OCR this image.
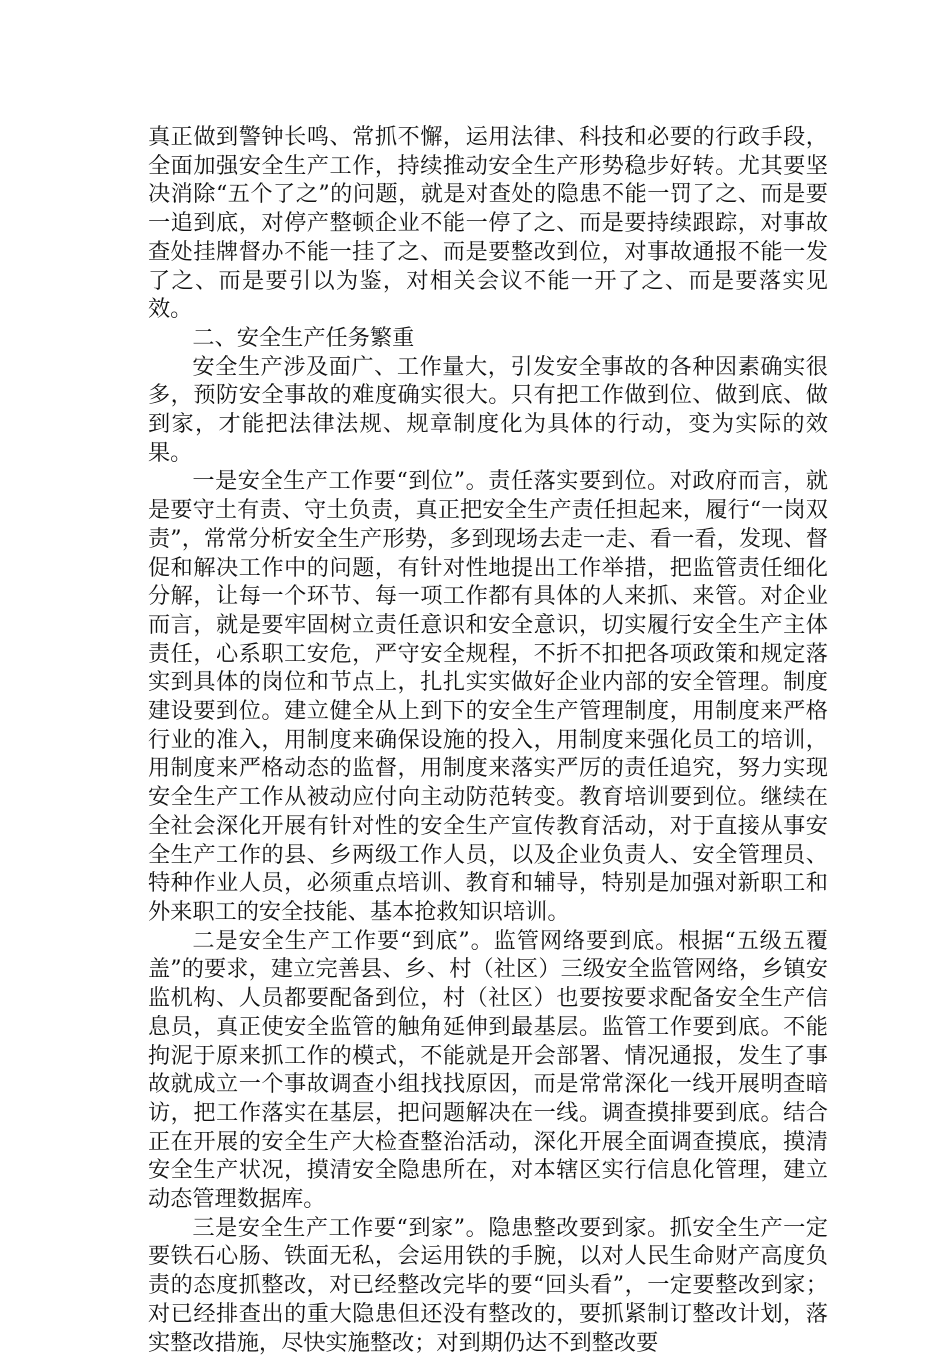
真正做到警钟长鸣、常抓不懈，运用法律、科技和必要的行政手段，全面加强安全生产工作，持续推动安全生产形势稳步好转。尤其要坚决消除“五个了之”的问题，就是对查处的隐患不能一罚了之、而是要一追到底，对停产整顿企业不能一停了之、而是要持续跟踪，对事故查处挂牌督办不能一挂了之、而是要整改到位，对事故通报不能一发了之、而是要引以为鉴，对相关会议不能一开了之、而是要落实见效。

二、安全生产任务繁重

安全生产涉及面广、工作量大，引发安全事故的各种因素确实很多，预防安全事故的难度确实很大。只有把工作做到位、做到底、做到家，才能把法律法规、规章制度化为具体的行动，变为实际的效果。

一是安全生产工作要“到位”。责任落实要到位。对政府而言，就是要守土有责、守土负责，真正把安全生产责任担起来，履行“一岗双责”，常常分析安全生产形势，多到现场去走一走、看一看，发现、督促和解决工作中的问题，有针对性地提出工作举措，把监管责任细化分解，让每一个环节、每一项工作都有具体的人来抓、来管。对企业而言，就是要牢固树立责任意识和安全意识，切实履行安全生产主体责任，心系职工安危，严守安全规程，不折不扣把各项政策和规定落实到具体的岗位和节点上，扎扎实实做好企业内部的安全管理。制度建设要到位。建立健全从上到下的安全生产管理制度，用制度来严格行业的准入，用制度来确保设施的投入，用制度来强化员工的培训，用制度来严格动态的监督，用制度来落实严厉的责任追究，努力实现安全生产工作从被动应付向主动防范转变。教育培训要到位。继续在全社会深化开展有针对性的安全生产宣传教育活动，对于直接从事安全生产工作的县、乡两级工作人员，以及企业负责人、安全管理员、特种作业人员，必须重点培训、教育和辅导，特别是加强对新职工和外来职工的安全技能、基本抢救知识培训。

二是安全生产工作要“到底”。监管网络要到底。根据“五级五覆盖”的要求，建立完善县、乡、村（社区）三级安全监管网络，乡镇安监机构、人员都要配备到位，村（社区）也要按要求配备安全生产信息员，真正使安全监管的触角延伸到最基层。监管工作要到底。不能拘泥于原来抓工作的模式，不能就是开会部署、情况通报，发生了事故就成立一个事故调查小组找找原因，而是常常深化一线开展明查暗访，把工作落实在基层，把问题解决在一线。调查摸排要到底。结合正在开展的安全生产大检查整治活动，深化开展全面调查摸底，摸清安全生产状况，摸清安全隐患所在，对本辖区实行信息化管理，建立动态管理数据库。

三是安全生产工作要“到家”。隐患整改要到家。抓安全生产一定要铁石心肠、铁面无私，会运用铁的手腕，以对人民生命财产高度负责的态度抓整改，对已经整改完毕的要“回头看”，一定要整改到家；对已经排查出的重大隐患但还没有整改的，要抓紧制订整改计划，落实整改措施，尽快实施整改；对到期仍达不到整改要
